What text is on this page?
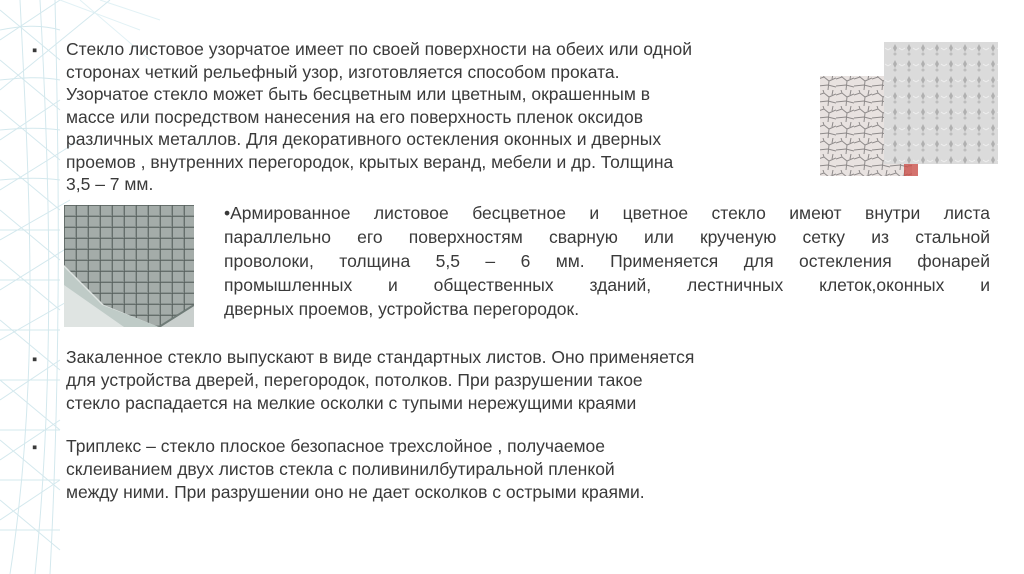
▪ Стекло листовое узорчатое имеет по своей поверхности на обеих или одной
сторонах четкий рельефный узор, изготовляется способом проката.
Узорчатое стекло может быть бесцветным или цветным, окрашенным в
массе или посредством нанесения на его поверхность пленок оксидов
различных металлов. Для декоративного остекления оконных и дверных
проемов , внутренних перегородок, крытых веранд, мебели и др. Толщина
3,5 – 7 мм.
•Армированное листовое бесцветное и цветное стекло имеют внутри листа
параллельно его поверхностям сварную или крученую сетку из стальной
проволоки, толщина 5,5 – 6 мм. Применяется для остекления фонарей
промышленных и общественных зданий, лестничных клеток,оконных и
дверных проемов, устройства перегородок.
▪ Закаленное стекло выпускают в виде стандартных листов. Оно применяется
для устройства дверей, перегородок, потолков. При разрушении такое
стекло распадается на мелкие осколки с тупыми нережущими краями
▪ Триплекс – стекло плоское безопасное трехслойное , получаемое
склеиванием двух листов стекла с поливинилбутиральной пленкой
между ними. При разрушении оно не дает осколков с острыми краями.
